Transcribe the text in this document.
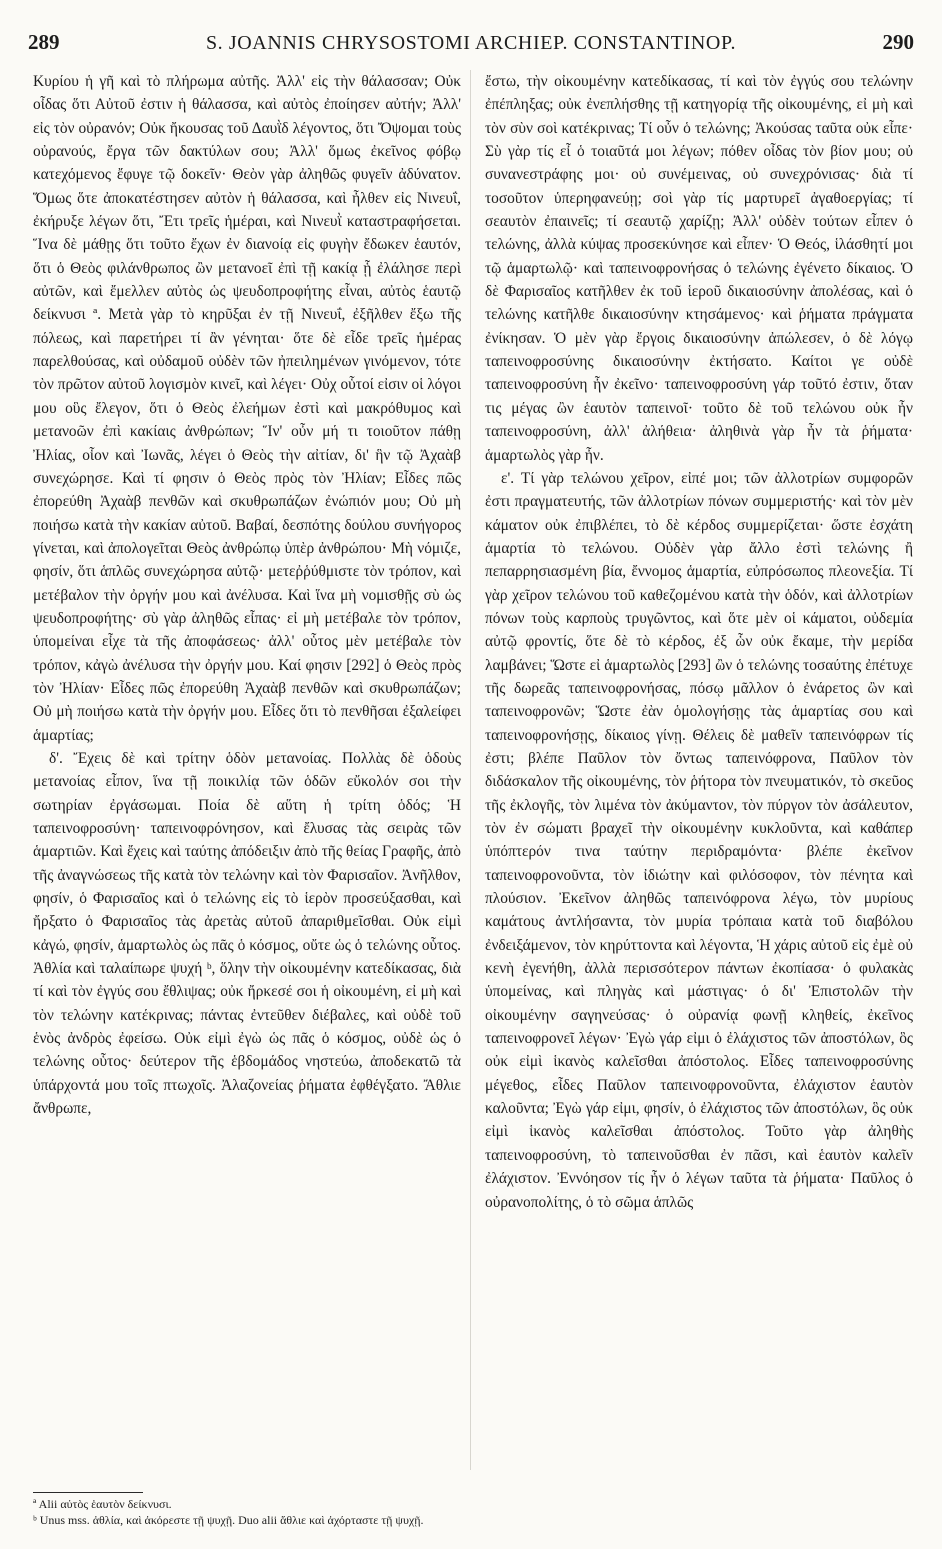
289	S. JOANNIS CHRYSOSTOMI ARCHIEP. CONSTANTINOP.	290

Κυρίου ἡ γῆ καὶ τὸ πλήρωμα αὐτῆς. Ἀλλ' εἰς τὴν θάλασσαν; Οὐκ οἶδας ὅτι Αὐτοῦ ἐστιν ἡ θάλασσα, καὶ αὐτὸς ἐποίησεν αὐτήν; Ἀλλ' εἰς τὸν οὐρανόν; Οὐκ ἤκουσας τοῦ Δαυῒδ λέγοντος, ὅτι Ὄψομαι τοὺς οὐρανούς, ἔργα τῶν δακτύλων σου; Ἀλλ' ὅμως ἐκεῖνος φόβῳ κατεχόμενος ἔφυγε τῷ δοκεῖν· Θεὸν γὰρ ἀληθῶς φυγεῖν ἀδύνατον. Ὅμως ὅτε ἀποκατέστησεν αὐτὸν ἡ θάλασσα, καὶ ἦλθεν εἰς Νινευΐ, ἐκήρυξε λέγων ὅτι, Ἔτι τρεῖς ἡμέραι, καὶ Νινευῒ καταστραφήσεται. Ἵνα δὲ μάθῃς ὅτι τοῦτο ἔχων ἐν διανοίᾳ εἰς φυγὴν ἔδωκεν ἑαυτόν, ὅτι ὁ Θεὸς φιλάνθρωπος ὢν μετανοεῖ ἐπὶ τῇ κακίᾳ ᾗ ἐλάλησε περὶ αὐτῶν, καὶ ἔμελλεν αὐτὸς ὡς ψευδοπροφήτης εἶναι, αὐτὸς ἑαυτῷ δείκνυσι ª. Μετὰ γὰρ τὸ κηρῦξαι ἐν τῇ Νινευΐ, ἐξῆλθεν ἔξω τῆς πόλεως, καὶ παρετήρει τί ἂν γένηται· ὅτε δὲ εἶδε τρεῖς ἡμέρας παρελθούσας, καὶ οὐδαμοῦ οὐδὲν τῶν ἠπειλημένων γινόμενον, τότε τὸν πρῶτον αὐτοῦ λογισμὸν κινεῖ, καὶ λέγει· Οὐχ οὗτοί εἰσιν οἱ λόγοι μου οὓς ἔλεγον, ὅτι ὁ Θεὸς ἐλεήμων ἐστὶ καὶ μακρόθυμος καὶ μετανοῶν ἐπὶ κακίαις ἀνθρώπων; Ἵν' οὖν μή τι τοιοῦτον πάθῃ Ἠλίας, οἷον καὶ Ἰωνᾶς, λέγει ὁ Θεὸς τὴν αἰτίαν, δι' ἣν τῷ Ἀχαὰβ συνεχώρησε. Καὶ τί φησιν ὁ Θεὸς πρὸς τὸν Ἠλίαν; Εἶδες πῶς ἐπορεύθη Ἀχαὰβ πενθῶν καὶ σκυθρωπάζων ἐνώπιόν μου; Οὐ μὴ ποιήσω κατὰ τὴν κακίαν αὐτοῦ. Βαβαί, δεσπότης δούλου συνήγορος γίνεται, καὶ ἀπολογεῖται Θεὸς ἀνθρώπῳ ὑπὲρ ἀνθρώπου· Μὴ νόμιζε, φησίν, ὅτι ἁπλῶς συνεχώρησα αὐτῷ· μετεῤῥύθμιστε τὸν τρόπον, καὶ μετέβαλον τὴν ὀργήν μου καὶ ἀνέλυσα. Καὶ ἵνα μὴ νομισθῇς σὺ ὡς ψευδοπροφήτης· σὺ γὰρ ἀληθῶς εἶπας· εἰ μὴ μετέβαλε τὸν τρόπον, ὑπομείναι εἶχε τὰ τῆς ἀποφάσεως· ἀλλ' οὗτος μὲν μετέβαλε τὸν τρόπον, κἀγὼ ἀνέλυσα τὴν ὀργήν μου. Καί φησιν [292] ὁ Θεὸς πρὸς τὸν Ἠλίαν· Εἶδες πῶς ἐπορεύθη Ἀχαὰβ πενθῶν καὶ σκυθρωπάζων; Οὐ μὴ ποιήσω κατὰ τὴν ὀργήν μου. Εἶδες ὅτι τὸ πενθῆσαι ἐξαλείφει ἁμαρτίας;

δ'. Ἔχεις δὲ καὶ τρίτην ὁδὸν μετανοίας. Πολλὰς δὲ ὁδοὺς μετανοίας εἶπον, ἵνα τῇ ποικιλίᾳ τῶν ὁδῶν εὔκολόν σοι τὴν σωτηρίαν ἐργάσωμαι. Ποία δὲ αὕτη ἡ τρίτη ὁδός; Ἡ ταπεινοφροσύνη· ταπεινοφρόνησον, καὶ ἔλυσας τὰς σειρὰς τῶν ἁμαρτιῶν. Καὶ ἔχεις καὶ ταύτης ἀπόδειξιν ἀπὸ τῆς θείας Γραφῆς, ἀπὸ τῆς ἀναγνώσεως τῆς κατὰ τὸν τελώνην καὶ τὸν Φαρισαῖον. Ἀνῆλθον, φησίν, ὁ Φαρισαῖος καὶ ὁ τελώνης εἰς τὸ ἱερὸν προσεύξασθαι, καὶ ἤρξατο ὁ Φαρισαῖος τὰς ἀρετὰς αὐτοῦ ἀπαριθμεῖσθαι. Οὐκ εἰμὶ κἀγώ, φησίν, ἁμαρτωλὸς ὡς πᾶς ὁ κόσμος, οὔτε ὡς ὁ τελώνης οὗτος. Ἀθλία καὶ ταλαίπωρε ψυχή ᵇ, ὅλην τὴν οἰκουμένην κατεδίκασας, διὰ τί καὶ τὸν ἐγγύς σου ἔθλιψας; οὐκ ἤρκεσέ σοι ἡ οἰκουμένη, εἰ μὴ καὶ τὸν τελώνην κατέκρινας; πάντας ἐντεῦθεν διέβαλες, καὶ οὐδὲ τοῦ ἑνὸς ἀνδρὸς ἐφείσω. Οὐκ εἰμὶ ἐγὼ ὡς πᾶς ὁ κόσμος, οὐδὲ ὡς ὁ τελώνης οὗτος· δεύτερον τῆς ἑβδομάδος νηστεύω, ἀποδεκατῶ τὰ ὑπάρχοντά μου τοῖς πτωχοῖς. Ἀλαζονείας ῥήματα ἐφθέγξατο. Ἄθλιε ἄνθρωπε,

ἔστω, τὴν οἰκουμένην κατεδίκασας, τί καὶ τὸν ἐγγύς σου τελώνην ἐπέπληξας; οὐκ ἐνεπλήσθης τῇ κατηγορίᾳ τῆς οἰκουμένης, εἰ μὴ καὶ τὸν σὺν σοὶ κατέκρινας; Τί οὖν ὁ τελώνης; Ἀκούσας ταῦτα οὐκ εἶπε· Σὺ γὰρ τίς εἶ ὁ τοιαῦτά μοι λέγων; πόθεν οἶδας τὸν βίον μου; οὐ συνανεστράφης μοι· οὐ συνέμεινας, οὐ συνεχρόνισας· διὰ τί τοσοῦτον ὑπερηφανεύῃ; σοὶ γὰρ τίς μαρτυρεῖ ἀγαθοεργίας; τί σεαυτὸν ἐπαινεῖς; τί σεαυτῷ χαρίζῃ; Ἀλλ' οὐδὲν τούτων εἶπεν ὁ τελώνης, ἀλλὰ κύψας προσεκύνησε καὶ εἶπεν· Ὁ Θεός, ἱλάσθητί μοι τῷ ἁμαρτωλῷ· καὶ ταπεινοφρονήσας ὁ τελώνης ἐγένετο δίκαιος. Ὁ δὲ Φαρισαῖος κατῆλθεν ἐκ τοῦ ἱεροῦ δικαιοσύνην ἀπολέσας, καὶ ὁ τελώνης κατῆλθε δικαιοσύνην κτησάμενος· καὶ ῥήματα πράγματα ἐνίκησαν. Ὁ μὲν γὰρ ἔργοις δικαιοσύνην ἀπώλεσεν, ὁ δὲ λόγῳ ταπεινοφροσύνης δικαιοσύνην ἐκτήσατο. Καίτοι γε οὐδὲ ταπεινοφροσύνη ἦν ἐκεῖνο· ταπεινοφροσύνη γάρ τοῦτό ἐστιν, ὅταν τις μέγας ὢν ἑαυτὸν ταπεινοῖ· τοῦτο δὲ τοῦ τελώνου οὐκ ἦν ταπεινοφροσύνη, ἀλλ' ἀλήθεια· ἀληθινὰ γὰρ ἦν τὰ ῥήματα· ἁμαρτωλὸς γὰρ ἦν.

ε'. Τί γὰρ τελώνου χεῖρον, εἰπέ μοι; τῶν ἀλλοτρίων συμφορῶν ἐστι πραγματευτής, τῶν ἀλλοτρίων πόνων συμμεριστής· καὶ τὸν μὲν κάματον οὐκ ἐπιβλέπει, τὸ δὲ κέρδος συμμερίζεται· ὥστε ἐσχάτη ἁμαρτία τὸ τελώνου. Οὐδὲν γὰρ ἄλλο ἐστὶ τελώνης ἢ πεπαρρησιασμένη βία, ἔννομος ἁμαρτία, εὐπρόσωπος πλεονεξία. Τί γὰρ χεῖρον τελώνου τοῦ καθεζομένου κατὰ τὴν ὁδόν, καὶ ἀλλοτρίων πόνων τοὺς καρποὺς τρυγῶντος, καὶ ὅτε μὲν οἱ κάματοι, οὐδεμία αὐτῷ φροντίς, ὅτε δὲ τὸ κέρδος, ἐξ ὧν οὐκ ἔκαμε, τὴν μερίδα λαμβάνει; Ὥστε εἰ ἁμαρτωλὸς [293] ὢν ὁ τελώνης τοσαύτης ἐπέτυχε τῆς δωρεᾶς ταπεινοφρονήσας, πόσῳ μᾶλλον ὁ ἐνάρετος ὢν καὶ ταπεινοφρονῶν; Ὥστε ἐὰν ὁμολογήσῃς τὰς ἁμαρτίας σου καὶ ταπεινοφρονήσῃς, δίκαιος γίνῃ. Θέλεις δὲ μαθεῖν ταπεινόφρων τίς ἐστι; βλέπε Παῦλον τὸν ὄντως ταπεινόφρονα, Παῦλον τὸν διδάσκαλον τῆς οἰκουμένης, τὸν ῥήτορα τὸν πνευματικόν, τὸ σκεῦος τῆς ἐκλογῆς, τὸν λιμένα τὸν ἀκύμαντον, τὸν πύργον τὸν ἀσάλευτον, τὸν ἐν σώματι βραχεῖ τὴν οἰκουμένην κυκλοῦντα, καὶ καθάπερ ὑπόπτερόν τινα ταύτην περιδραμόντα· βλέπε ἐκεῖνον ταπεινοφρονοῦντα, τὸν ἰδιώτην καὶ φιλόσοφον, τὸν πένητα καὶ πλούσιον. Ἐκεῖνον ἀληθῶς ταπεινόφρονα λέγω, τὸν μυρίους καμάτους ἀντλήσαντα, τὸν μυρία τρόπαια κατὰ τοῦ διαβόλου ἐνδειξάμενον, τὸν κηρύττοντα καὶ λέγοντα, Ἡ χάρις αὐτοῦ εἰς ἐμὲ οὐ κενὴ ἐγενήθη, ἀλλὰ περισσότερον πάντων ἐκοπίασα· ὁ φυλακὰς ὑπομείνας, καὶ πληγὰς καὶ μάστιγας· ὁ δι' Ἐπιστολῶν τὴν οἰκουμένην σαγηνεύσας· ὁ οὐρανίᾳ φωνῇ κληθείς, ἐκεῖνος ταπεινοφρονεῖ λέγων· Ἐγὼ γάρ εἰμι ὁ ἐλάχιστος τῶν ἀποστόλων, ὃς οὐκ εἰμὶ ἱκανὸς καλεῖσθαι ἀπόστολος. Εἶδες ταπεινοφροσύνης μέγεθος, εἶδες Παῦλον ταπεινοφρονοῦντα, ἐλάχιστον ἑαυτὸν καλοῦντα; Ἐγὼ γάρ εἰμι, φησίν, ὁ ἐλάχιστος τῶν ἀποστόλων, ὃς οὐκ εἰμὶ ἱκανὸς καλεῖσθαι ἀπόστολος. Τοῦτο γὰρ ἀληθὴς ταπεινοφροσύνη, τὸ ταπεινοῦσθαι ἐν πᾶσι, καὶ ἑαυτὸν καλεῖν ἐλάχιστον. Ἐννόησον τίς ἦν ὁ λέγων ταῦτα τὰ ῥήματα· Παῦλος ὁ οὐρανοπολίτης, ὁ τὸ σῶμα ἁπλῶς

ª Alii αὐτὸς ἑαυτὸν δείκνυσι.

ᵇ Unus mss. ἀθλία, καὶ ἀκόρεστε τῇ ψυχῇ. Duo alii ἄθλιε καὶ ἀχόρταστε τῇ ψυχῇ.
